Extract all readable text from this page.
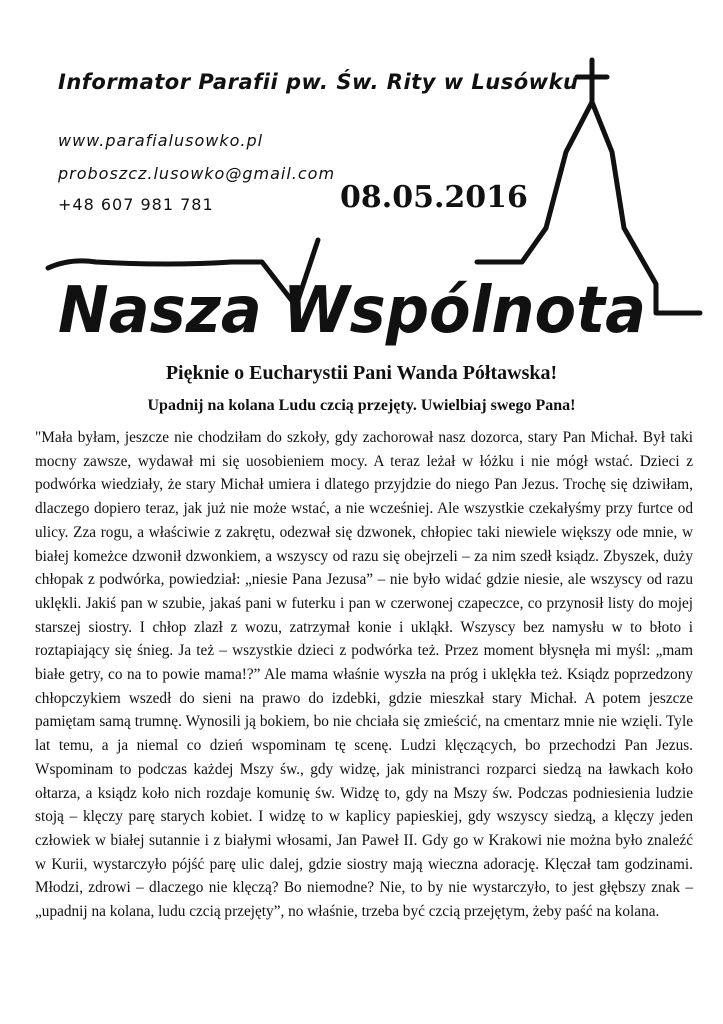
Nasza Wspólnota
Informator Parafii pw. Św. Rity w Lusówku
www.parafialusowko.pl
proboszcz.lusowko@gmail.com
+48 607 981 781	08.05.2016
Pięknie o Eucharystii Pani Wanda Półtawska!
Upadnij na kolana Ludu czcią przejęty. Uwielbiaj swego Pana!

"Mała byłam, jeszcze nie chodziłam do szkoły, gdy zachorował nasz dozorca, stary Pan Michał. Był taki mocny zawsze, wydawał mi się uosobieniem mocy. A teraz leżał w łóżku i nie mógł wstać. Dzieci z podwórka wiedziały, że stary Michał umiera i dlatego przyjdzie do niego Pan Jezus. Trochę się dziwiłam, dlaczego dopiero teraz, jak już nie może wstać, a nie wcześniej. Ale wszystkie czekałyśmy przy furtce od ulicy. Zza rogu, a właściwie z zakrętu, odezwał się dzwonek, chłopiec taki niewiele większy ode mnie, w białej komeżce dzwonił dzwonkiem, a wszyscy od razu się obejrzeli – za nim szedł ksiądz. Zbyszek, duży chłopak z podwórka, powiedział: „niesie Pana Jezusa” – nie było widać gdzie niesie, ale wszyscy od razu uklękli. Jakiś pan w szubie, jakaś pani w futerku i pan w czerwonej czapeczce, co przynosił listy do mojej starszej siostry. I chłop zlazł z wozu, zatrzymał konie i ukląkł. Wszyscy bez namysłu w to błoto i roztapiający się śnieg. Ja też – wszystkie dzieci z podwórka też. Przez moment błysnęła mi myśl: „mam białe getry, co na to powie mama!?” Ale mama właśnie wyszła na próg i uklękła też. Ksiądz poprzedzony chłopczykiem wszedł do sieni na prawo do izdebki, gdzie mieszkał stary Michał. A potem jeszcze pamiętam samą trumnę. Wynosili ją bokiem, bo nie chciała się zmieścić, na cmentarz mnie nie wzięli. Tyle lat temu, a ja niemal co dzień wspominam tę scenę. Ludzi klęczących, bo przechodzi Pan Jezus. Wspominam to podczas każdej Mszy św., gdy widzę, jak ministranci rozparci siedzą na ławkach koło ołtarza, a ksiądz koło nich rozdaje komunię św. Widzę to, gdy na Mszy św. Podczas podniesienia ludzie stoją – klęczy parę starych kobiet. I widzę to w kaplicy papieskiej, gdy wszyscy siedzą, a klęczy jeden człowiek w białej sutannie i z białymi włosami, Jan Paweł II. Gdy go w Krakowi nie można było znaleźć w Kurii, wystarczyło pójść parę ulic dalej, gdzie siostry mają wieczna adorację. Klęczał tam godzinami. Młodzi, zdrowi – dlaczego nie klęczą? Bo niemodne? Nie, to by nie wystarczyło, to jest głębszy znak – „upadnij na kolana, ludu czcią przejęty”, no właśnie, trzeba być czcią przejętym, żeby paść na kolana.
